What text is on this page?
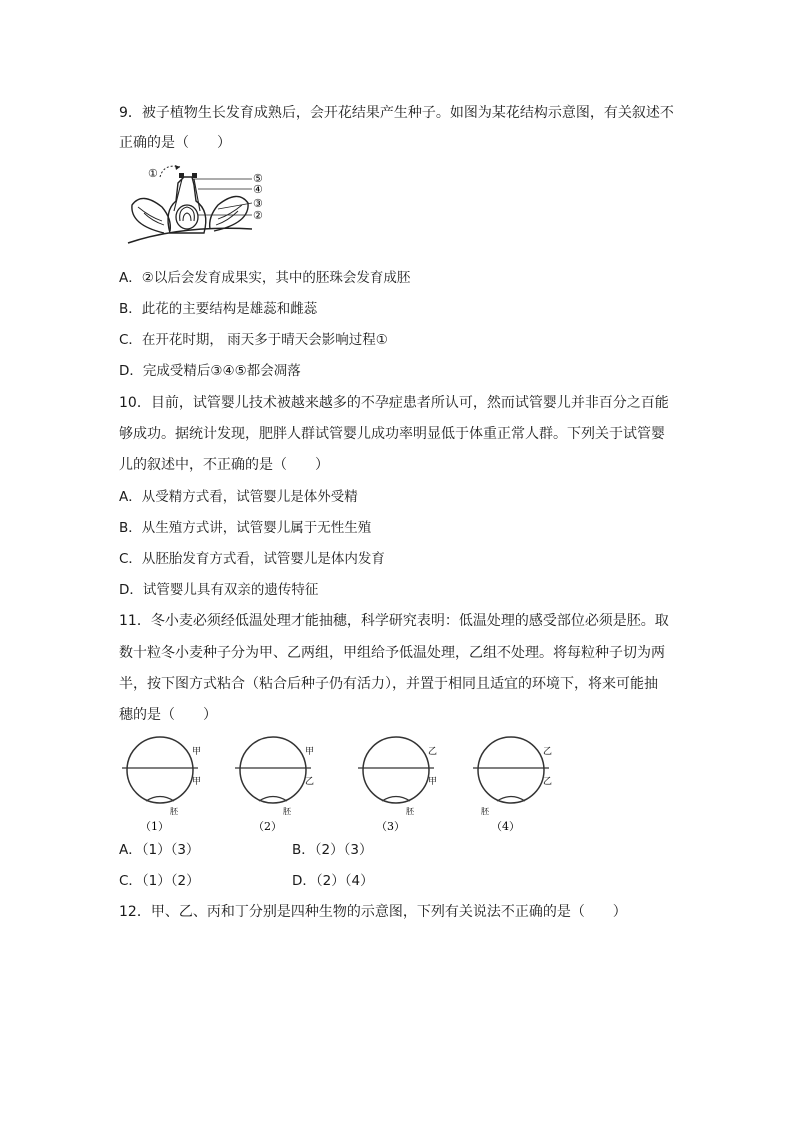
9．被子植物生长发育成熟后，会开花结果产生种子。如图为某花结构示意图，有关叙述不
正确的是（　　）
①	⑤
④
③
②
A．②以后会发育成果实，其中的胚珠会发育成胚
B．此花的主要结构是雄蕊和雌蕊
C．在开花时期， 雨天多于晴天会影响过程①
D．完成受精后③④⑤都会凋落
10．目前，试管婴儿技术被越来越多的不孕症患者所认可，然而试管婴儿并非百分之百能
够成功。据统计发现，肥胖人群试管婴儿成功率明显低于体重正常人群。下列关于试管婴
儿的叙述中，不正确的是（　　）
A．从受精方式看，试管婴儿是体外受精
B．从生殖方式讲，试管婴儿属于无性生殖
C．从胚胎发育方式看，试管婴儿是体内发育
D．试管婴儿具有双亲的遗传特征
11．冬小麦必须经低温处理才能抽穗，科学研究表明：低温处理的感受部位必须是胚。取
数十粒冬小麦种子分为甲、乙两组，甲组给予低温处理，乙组不处理。将每粒种子切为两
半，按下图方式粘合（粘合后种子仍有活力），并置于相同且适宜的环境下，将来可能抽
穗的是（　　）
甲
甲
胚
（1）
甲
乙
胚
（2）
乙
甲
胚
（3）
乙
乙
胚
（4）
A．（1）（3）	B．（2）（3）
C．（1）（2）	D．（2）（4）
12．甲、乙、丙和丁分别是四种生物的示意图，下列有关说法不正确的是（　　）
